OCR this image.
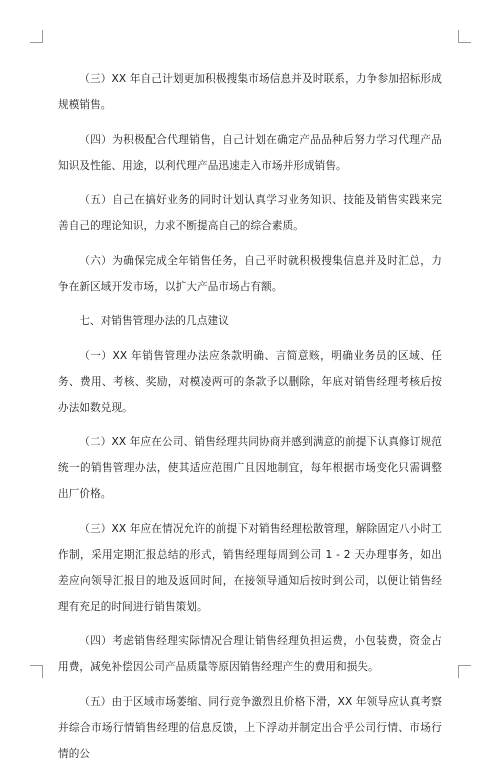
（三）XX 年自己计划更加积极搜集市场信息并及时联系，力争参加招标形成规模销售。

（四）为积极配合代理销售，自己计划在确定产品品种后努力学习代理产品知识及性能、用途，以利代理产品迅速走入市场并形成销售。

（五）自己在搞好业务的同时计划认真学习业务知识、技能及销售实践来完善自己的理论知识，力求不断提高自己的综合素质。

（六）为确保完成全年销售任务，自己平时就积极搜集信息并及时汇总，力争在新区域开发市场，以扩大产品市场占有额。

七、对销售管理办法的几点建议

（一）XX 年销售管理办法应条款明确、言简意赅，明确业务员的区域、任务、费用、考核、奖励，对模凌两可的条款予以删除，年底对销售经理考核后按办法如数兑现。

（二）XX 年应在公司、销售经理共同协商并感到满意的前提下认真修订规范统一的销售管理办法，使其适应范围广且因地制宜，每年根据市场变化只需调整出厂价格。

（三）XX 年应在情况允许的前提下对销售经理松散管理，解除固定八小时工作制，采用定期汇报总结的形式，销售经理每周到公司 1 - 2 天办理事务，如出差应向领导汇报目的地及返回时间，在接领导通知后按时到公司，以便让销售经理有充足的时间进行销售策划。

（四）考虑销售经理实际情况合理让销售经理负担运费，小包装费，资金占用费，减免补偿因公司产品质量等原因销售经理产生的费用和损失。

（五）由于区域市场萎缩、同行竞争激烈且价格下滑，XX 年领导应认真考察并综合市场行情销售经理的信息反馈，上下浮动并制定出合乎公司行情、市场行情的公
